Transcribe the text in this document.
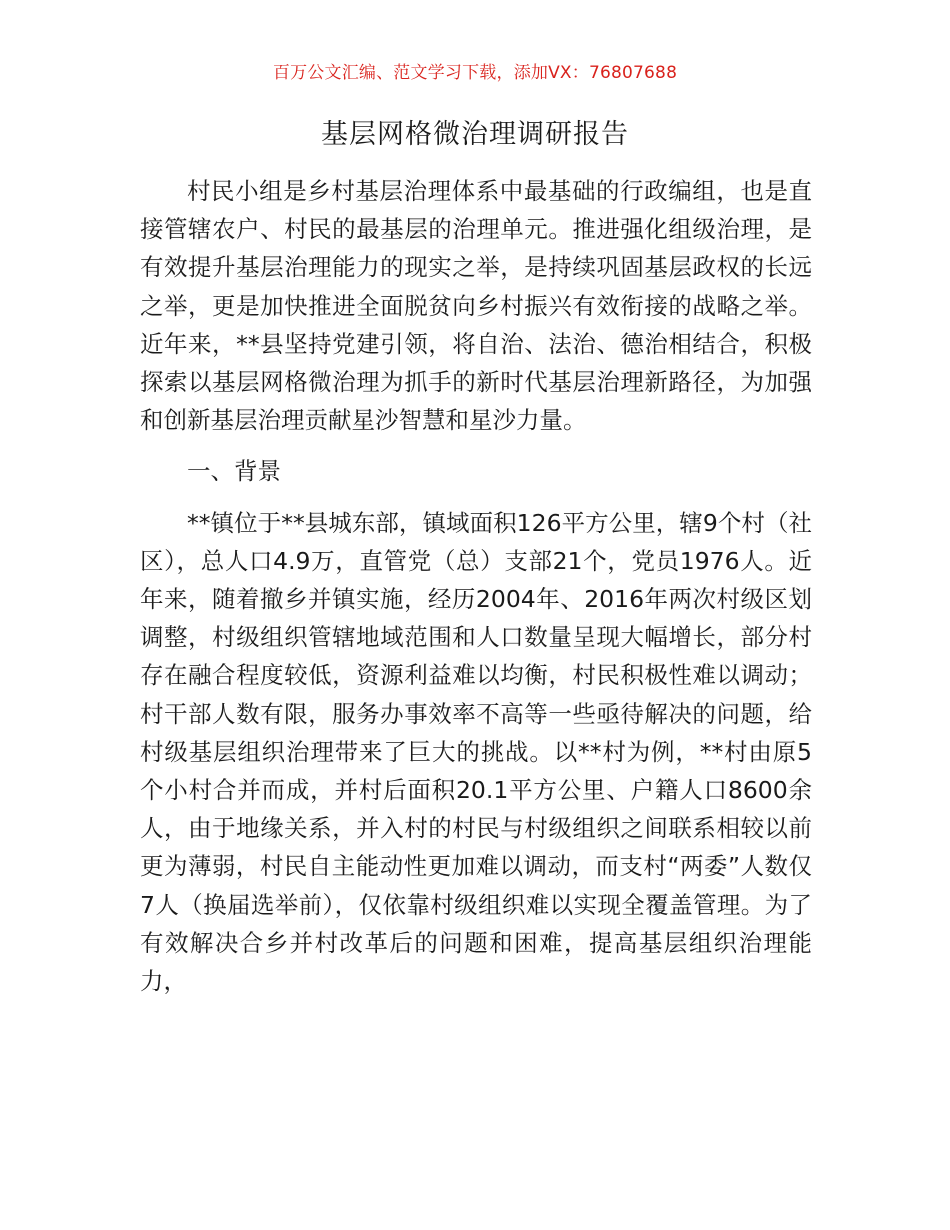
百万公文汇编、范文学习下载，添加VX：76807688
基层网格微治理调研报告

村民小组是乡村基层治理体系中最基础的行政编组，也是直接管辖农户、村民的最基层的治理单元。推进强化组级治理，是有效提升基层治理能力的现实之举，是持续巩固基层政权的长远之举，更是加快推进全面脱贫向乡村振兴有效衔接的战略之举。近年来，**县坚持党建引领，将自治、法治、德治相结合，积极探索以基层网格微治理为抓手的新时代基层治理新路径，为加强和创新基层治理贡献星沙智慧和星沙力量。

一、背景

**镇位于**县城东部，镇域面积126平方公里，辖9个村（社区），总人口4.9万，直管党（总）支部21个，党员1976人。近年来，随着撤乡并镇实施，经历2004年、2016年两次村级区划调整，村级组织管辖地域范围和人口数量呈现大幅增长，部分村存在融合程度较低，资源利益难以均衡，村民积极性难以调动；村干部人数有限，服务办事效率不高等一些亟待解决的问题，给村级基层组织治理带来了巨大的挑战。以**村为例，**村由原5个小村合并而成，并村后面积20.1平方公里、户籍人口8600余人，由于地缘关系，并入村的村民与村级组织之间联系相较以前更为薄弱，村民自主能动性更加难以调动，而支村“两委”人数仅7人（换届选举前），仅依靠村级组织难以实现全覆盖管理。为了有效解决合乡并村改革后的问题和困难，提高基层组织治理能力，
